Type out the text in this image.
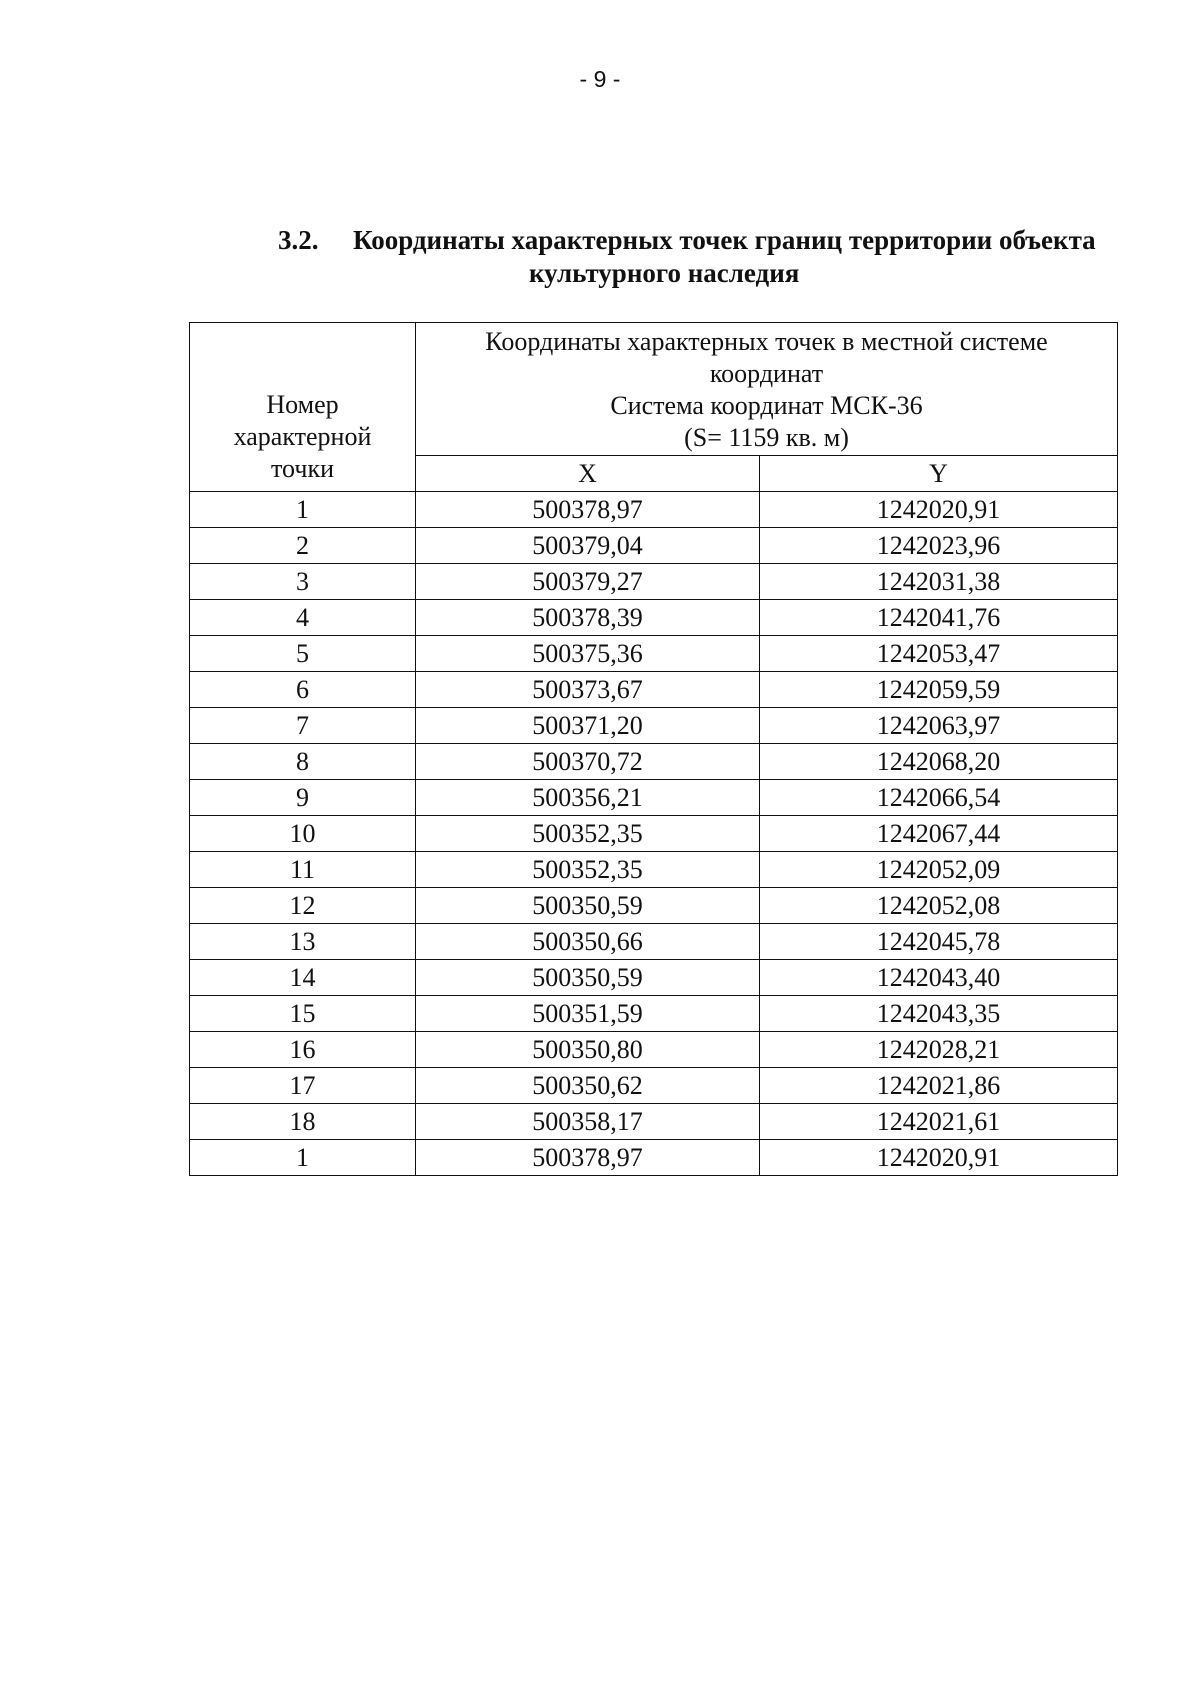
- 9 -
3.2. Координаты характерных точек границ территории объекта
культурного наследия
Номер
характерной
точки	Координаты характерных точек в местной системе
координат
Система координат МСК-36
(S= 1159 кв. м)	

	X	Y
1	500378,97	1242020,91
2	500379,04	1242023,96
3	500379,27	1242031,38
4	500378,39	1242041,76
5	500375,36	1242053,47
6	500373,67	1242059,59
7	500371,20	1242063,97
8	500370,72	1242068,20
9	500356,21	1242066,54
10	500352,35	1242067,44
11	500352,35	1242052,09
12	500350,59	1242052,08
13	500350,66	1242045,78
14	500350,59	1242043,40
15	500351,59	1242043,35
16	500350,80	1242028,21
17	500350,62	1242021,86
18	500358,17	1242021,61
1	500378,97	1242020,91
